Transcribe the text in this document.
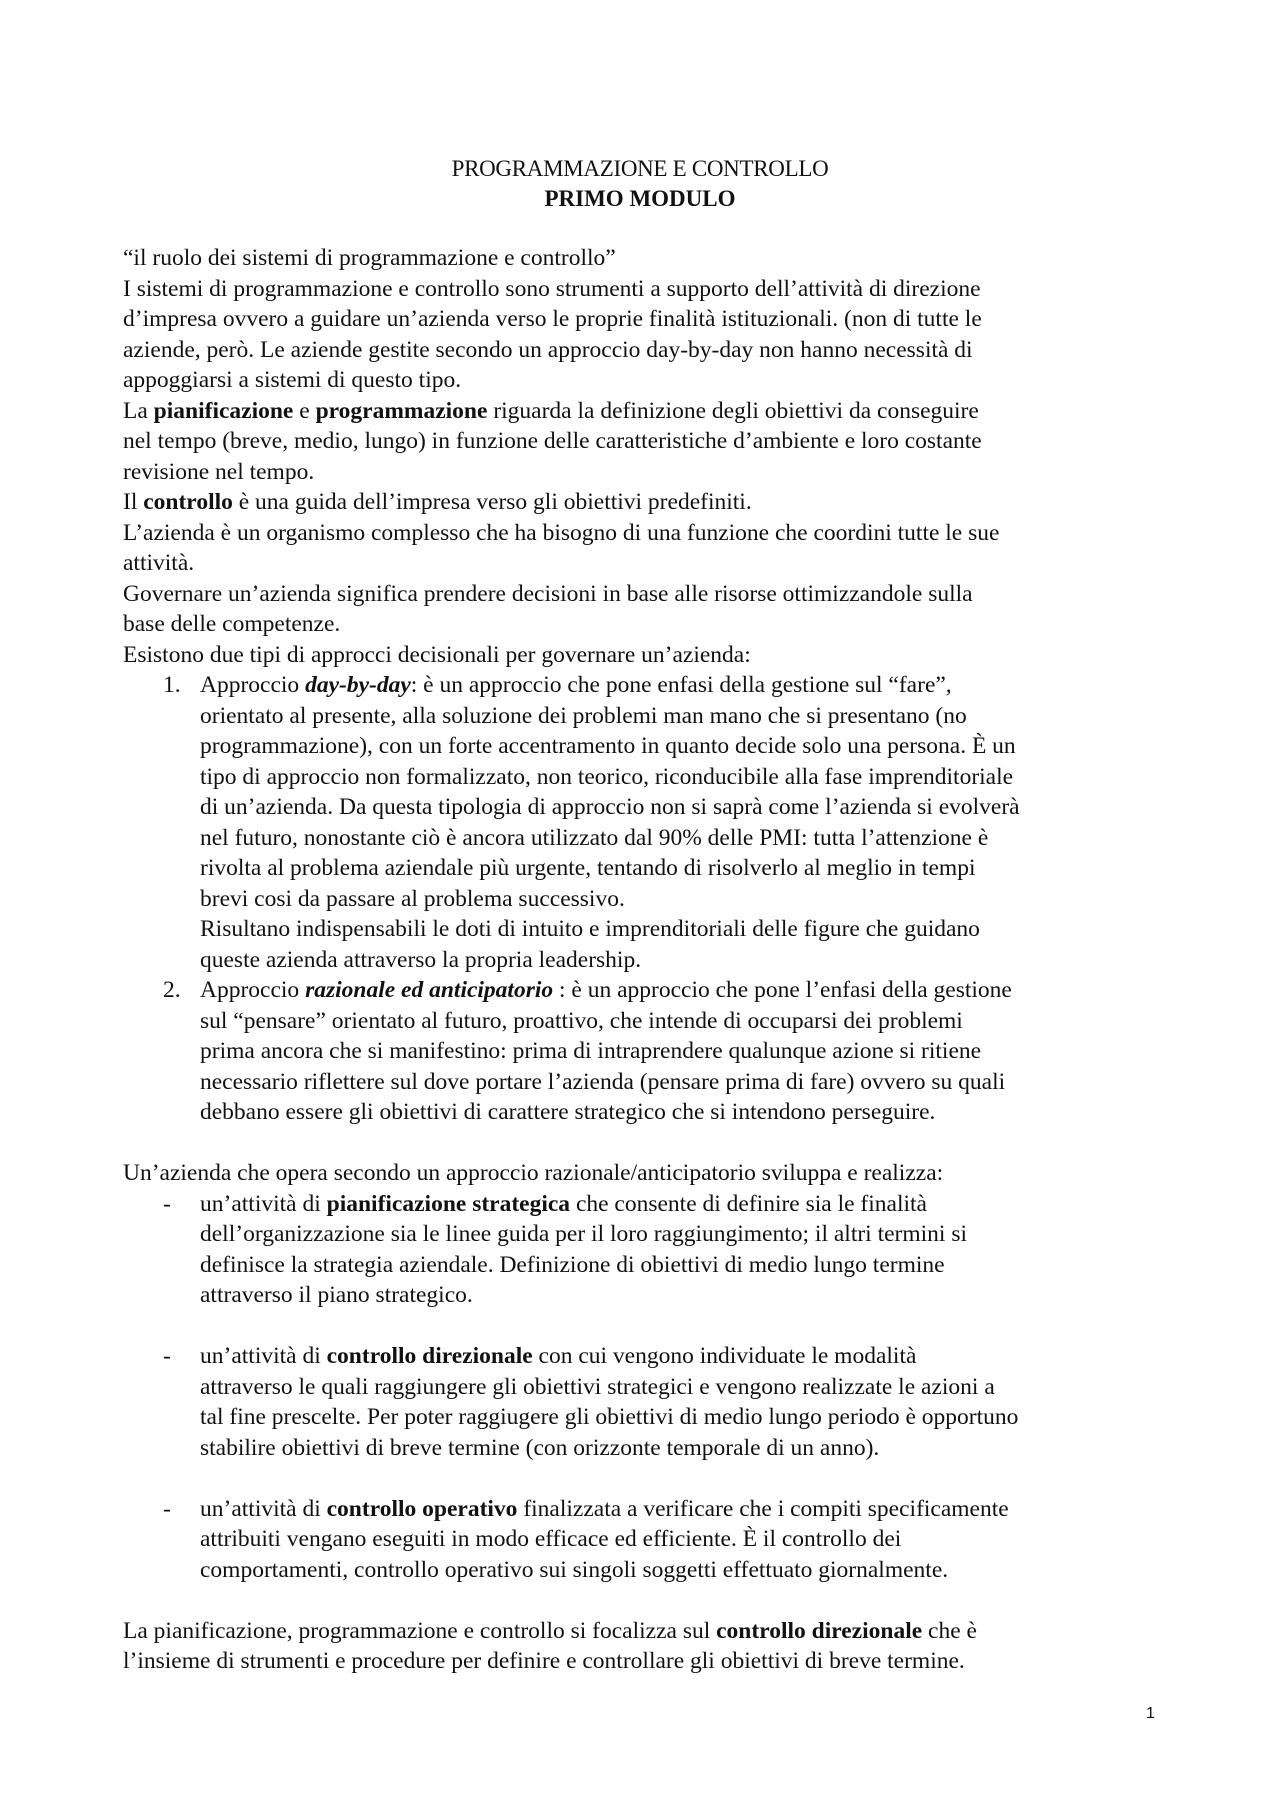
PROGRAMMAZIONE E CONTROLLO
PRIMO MODULO
“il ruolo dei sistemi di programmazione e controllo”
I sistemi di programmazione e controllo sono strumenti a supporto dell’attività di direzione
d’impresa ovvero a guidare un’azienda verso le proprie finalità istituzionali. (non di tutte le
aziende, però. Le aziende gestite secondo un approccio day-by-day non hanno necessità di
appoggiarsi a sistemi di questo tipo.
La pianificazione e programmazione riguarda la definizione degli obiettivi da conseguire
nel tempo (breve, medio, lungo) in funzione delle caratteristiche d’ambiente e loro costante
revisione nel tempo.
Il controllo è una guida dell’impresa verso gli obiettivi predefiniti.
L’azienda è un organismo complesso che ha bisogno di una funzione che coordini tutte le sue
attività.
Governare un’azienda significa prendere decisioni in base alle risorse ottimizzandole sulla
base delle competenze.
Esistono due tipi di approcci decisionali per governare un’azienda:
1. Approccio day-by-day: è un approccio che pone enfasi della gestione sul “fare”,
orientato al presente, alla soluzione dei problemi man mano che si presentano (no
programmazione), con un forte accentramento in quanto decide solo una persona. È un
tipo di approccio non formalizzato, non teorico, riconducibile alla fase imprenditoriale
di un’azienda. Da questa tipologia di approccio non si saprà come l’azienda si evolverà
nel futuro, nonostante ciò è ancora utilizzato dal 90% delle PMI: tutta l’attenzione è
rivolta al problema aziendale più urgente, tentando di risolverlo al meglio in tempi
brevi cosi da passare al problema successivo.
Risultano indispensabili le doti di intuito e imprenditoriali delle figure che guidano
queste azienda attraverso la propria leadership.
2. Approccio razionale ed anticipatorio : è un approccio che pone l’enfasi della gestione
sul “pensare” orientato al futuro, proattivo, che intende di occuparsi dei problemi
prima ancora che si manifestino: prima di intraprendere qualunque azione si ritiene
necessario riflettere sul dove portare l’azienda (pensare prima di fare) ovvero su quali
debbano essere gli obiettivi di carattere strategico che si intendono perseguire.
Un’azienda che opera secondo un approccio razionale/anticipatorio sviluppa e realizza:
- un’attività di pianificazione strategica che consente di definire sia le finalità
dell’organizzazione sia le linee guida per il loro raggiungimento; il altri termini si
definisce la strategia aziendale. Definizione di obiettivi di medio lungo termine
attraverso il piano strategico.
- un’attività di controllo direzionale con cui vengono individuate le modalità
attraverso le quali raggiungere gli obiettivi strategici e vengono realizzate le azioni a
tal fine prescelte. Per poter raggiugere gli obiettivi di medio lungo periodo è opportuno
stabilire obiettivi di breve termine (con orizzonte temporale di un anno).
- un’attività di controllo operativo finalizzata a verificare che i compiti specificamente
attribuiti vengano eseguiti in modo efficace ed efficiente. È il controllo dei
comportamenti, controllo operativo sui singoli soggetti effettuato giornalmente.
La pianificazione, programmazione e controllo si focalizza sul controllo direzionale che è
l’insieme di strumenti e procedure per definire e controllare gli obiettivi di breve termine.
1
